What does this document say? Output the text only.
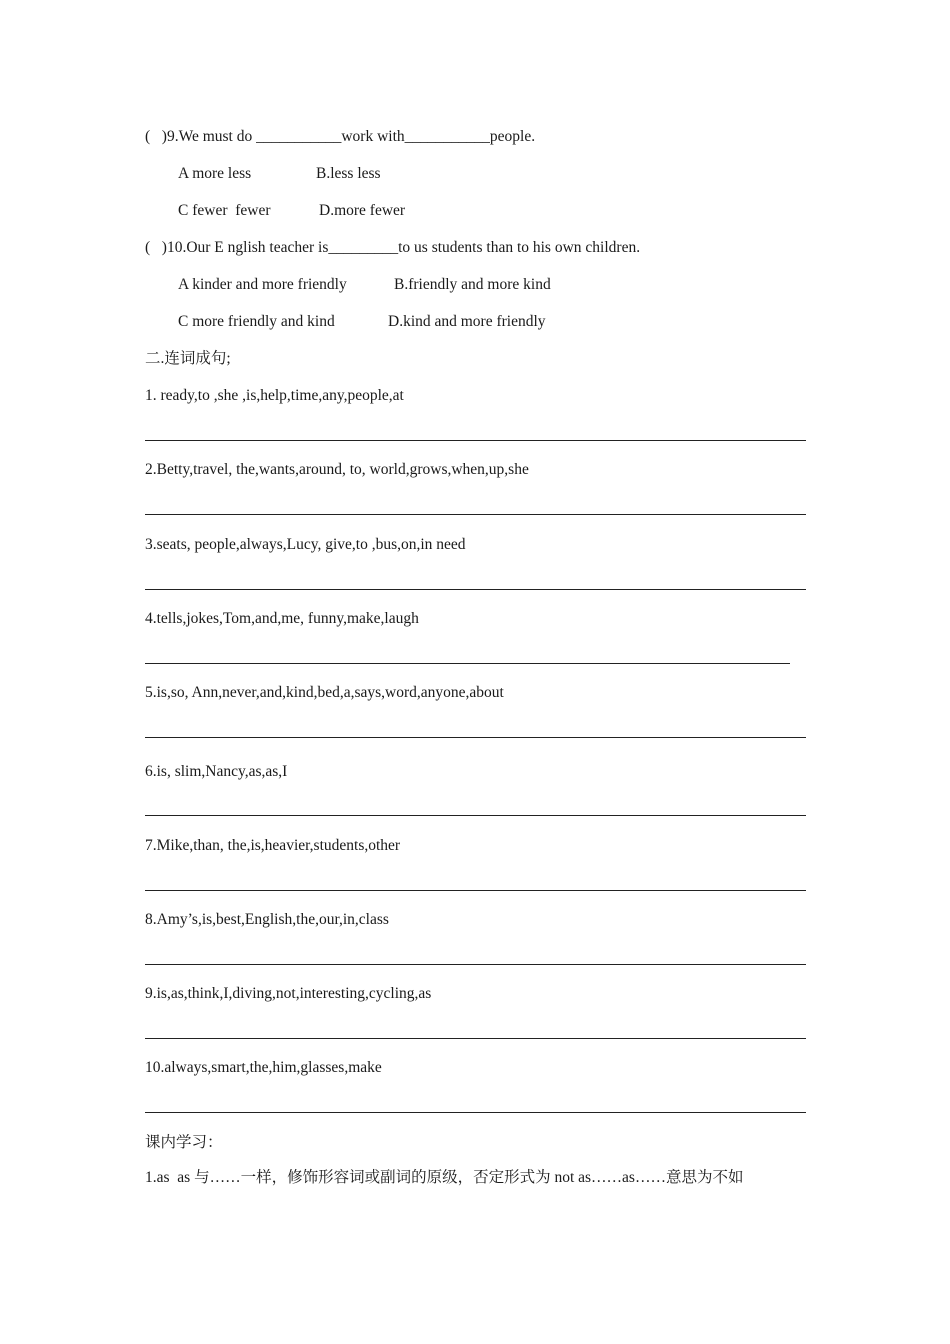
(   )9.We must do ___________work with___________people.
A more less	B.less less
C fewer  fewer	D.more fewer
(   )10.Our E nglish teacher is_________to us students than to his own children.
A kinder and more friendly	B.friendly and more kind
C more friendly and kind	D.kind and more friendly
二.连词成句;
1. ready,to ,she ,is,help,time,any,people,at
2.Betty,travel, the,wants,around, to, world,grows,when,up,she
3.seats, people,always,Lucy, give,to ,bus,on,in need
4.tells,jokes,Tom,and,me, funny,make,laugh
5.is,so, Ann,never,and,kind,bed,a,says,word,anyone,about
6.is, slim,Nancy,as,as,I
7.Mike,than, the,is,heavier,students,other
8.Amy’s,is,best,English,the,our,in,class
9.is,as,think,I,diving,not,interesting,cycling,as
10.always,smart,the,him,glasses,make
课内学习：
1.as  as 与……一样，修饰形容词或副词的原级，否定形式为 not as……as……意思为不如
